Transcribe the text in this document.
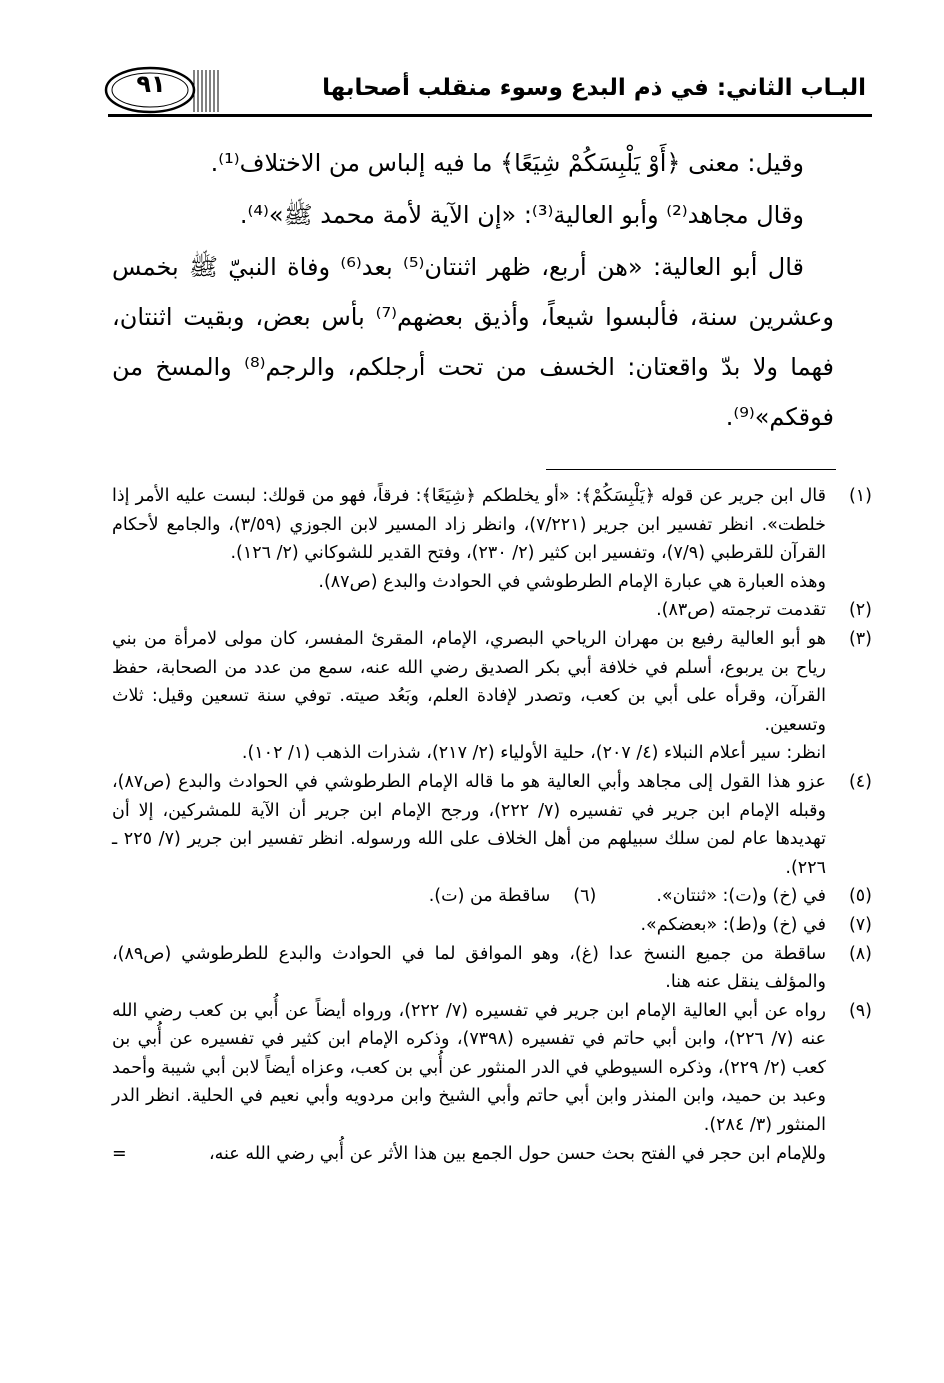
البـاب الثاني: في ذم البدع وسوء منقلب أصحابها
٩١

وقيل: معنى ﴿أَوْ يَلْبِسَكُمْ شِيَعًا﴾ ما فيه إلباس من الاختلاف⁽¹⁾.

وقال مجاهد⁽²⁾ وأبو العالية⁽³⁾: «إن الآية لأمة محمد ﷺ»⁽⁴⁾.

قال أبو العالية: «هن أربع، ظهر اثنتان⁽⁵⁾ بعد⁽⁶⁾ وفاة النبيّ ﷺ بخمس وعشرين سنة، فألبسوا شيعاً، وأذيق بعضهم⁽⁷⁾ بأس بعض، وبقيت اثنتان، فهما ولا بدّ واقعتان: الخسف من تحت أرجلكم، والرجم⁽⁸⁾ والمسخ من فوقكم»⁽⁹⁾.

(١)
قال ابن جرير عن قوله ﴿يَلْبِسَكُمْ﴾: «أو يخلطكم ﴿شِيَعًا﴾: فرقاً، فهو من قولك: لبست عليه الأمر إذا خلطت». انظر تفسير ابن جرير (٧/٢٢١)، وانظر زاد المسير لابن الجوزي (٣/٥٩)، والجامع لأحكام القرآن للقرطبي (٧/٩)، وتفسير ابن كثير (٢/ ٢٣٠)، وفتح القدير للشوكاني (٢/ ١٢٦).
وهذه العبارة هي عبارة الإمام الطرطوشي في الحوادث والبدع (ص٨٧).
(٢)
تقدمت ترجمته (ص٨٣).
(٣)
هو أبو العالية رفيع بن مهران الرياحي البصري، الإمام، المقرئ المفسر، كان مولى لامرأة من بني رياح بن يربوع، أسلم في خلافة أبي بكر الصديق رضي الله عنه، سمع من عدد من الصحابة، حفظ القرآن، وقرأه على أبي بن كعب، وتصدر لإفادة العلم، وبَعُد صيته. توفي سنة تسعين وقيل: ثلاث وتسعين.
انظر: سير أعلام النبلاء (٤/ ٢٠٧)، حلية الأولياء (٢/ ٢١٧)، شذرات الذهب (١/ ١٠٢).
(٤)
عزو هذا القول إلى مجاهد وأبي العالية هو ما قاله الإمام الطرطوشي في الحوادث والبدع (ص٨٧)، وقبله الإمام ابن جرير في تفسيره (٧/ ٢٢٢)، ورجح الإمام ابن جرير أن الآية للمشركين، إلا أن تهديدها عام لمن سلك سبيلهم من أهل الخلاف على الله ورسوله. انظر تفسير ابن جرير (٧/ ٢٢٥ ـ ٢٢٦).
(٥)
في (خ) و(ت): «ثنتان».
(٦)
ساقطة من (ت).
(٧)
في (خ) و(ط): «بعضكم».
(٨)
ساقطة من جميع النسخ عدا (غ)، وهو الموافق لما في الحوادث والبدع للطرطوشي (ص٨٩)، والمؤلف ينقل عنه هنا.
(٩)
رواه عن أبي العالية الإمام ابن جرير في تفسيره (٧/ ٢٢٢)، ورواه أيضاً عن أُبي بن كعب رضي الله عنه (٧/ ٢٢٦)، وابن أبي حاتم في تفسيره (٧٣٩٨)، وذكره الإمام ابن كثير في تفسيره عن أُبي بن كعب (٢/ ٢٢٩)، وذكره السيوطي في الدر المنثور عن أُبي بن كعب، وعزاه أيضاً لابن أبي شيبة وأحمد وعبد بن حميد، وابن المنذر وابن أبي حاتم وأبي الشيخ وابن مردويه وأبي نعيم في الحلية. انظر الدر المنثور (٣/ ٢٨٤).
وللإمام ابن حجر في الفتح بحث حسن حول الجمع بين هذا الأثر عن أُبي رضي الله عنه،
=
